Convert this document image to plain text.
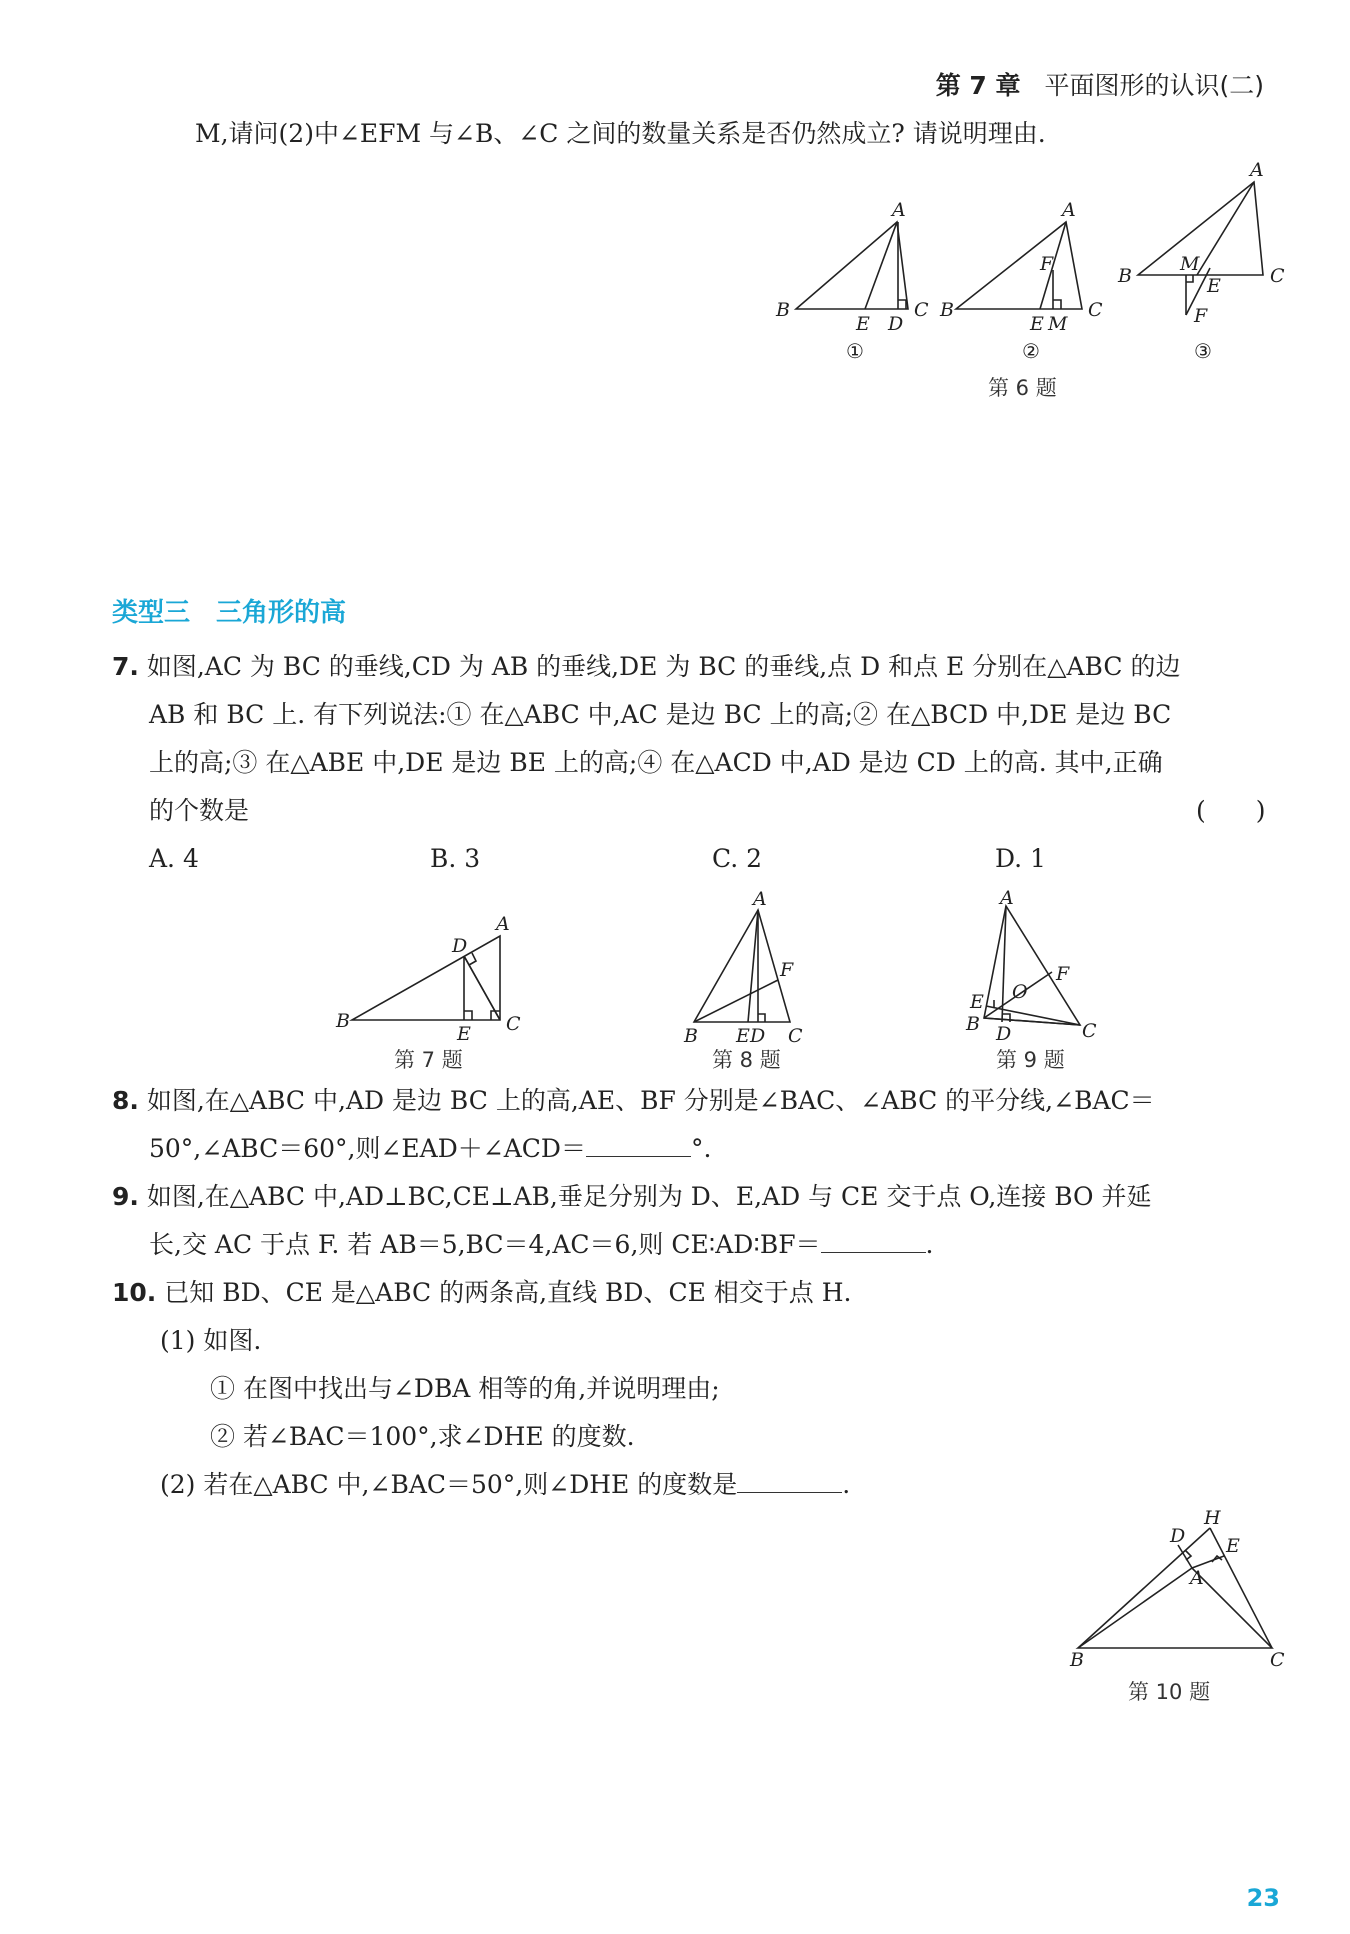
第 7 章 平面图形的认识(二)
M,请问(2)中∠EFM 与∠B、∠C 之间的数量关系是否仍然成立? 请说明理由.
A
B	C
D
E
①
A
B	C
F
E M
②
A
B	C
M
E
F
③
第 6 题
类型三　三角形的高
7. 如图,AC 为 BC 的垂线,CD 为 AB 的垂线,DE 为 BC 的垂线,点 D 和点 E 分别在△ABC 的边
AB 和 BC 上. 有下列说法:① 在△ABC 中,AC 是边 BC 上的高;② 在△BCD 中,DE 是边 BC
上的高;③ 在△ABE 中,DE 是边 BE 上的高;④ 在△ACD 中,AD 是边 CD 上的高. 其中,正确
的个数是	(　　)
A. 4	B. 3	C. 2	D. 1
A
B	C
D
E
第 7 题
A
B	C
D
E
F
第 8 题
A
B	C
D
E
F
O
第 9 题
8. 如图,在△ABC 中,AD 是边 BC 上的高,AE、BF 分别是∠BAC、∠ABC 的平分线,∠BAC＝
50°,∠ABC＝60°,则∠EAD＋∠ACD＝	°.
9. 如图,在△ABC 中,AD⊥BC,CE⊥AB,垂足分别为 D、E,AD 与 CE 交于点 O,连接 BO 并延
长,交 AC 于点 F. 若 AB＝5,BC＝4,AC＝6,则 CE∶AD∶BF＝	.
10. 已知 BD、CE 是△ABC 的两条高,直线 BD、CE 相交于点 H.
(1) 如图.
① 在图中找出与∠DBA 相等的角,并说明理由;
② 若∠BAC＝100°,求∠DHE 的度数.
(2) 若在△ABC 中,∠BAC＝50°,则∠DHE 的度数是	.
H
D E
A
B	C
第 10 题
23
